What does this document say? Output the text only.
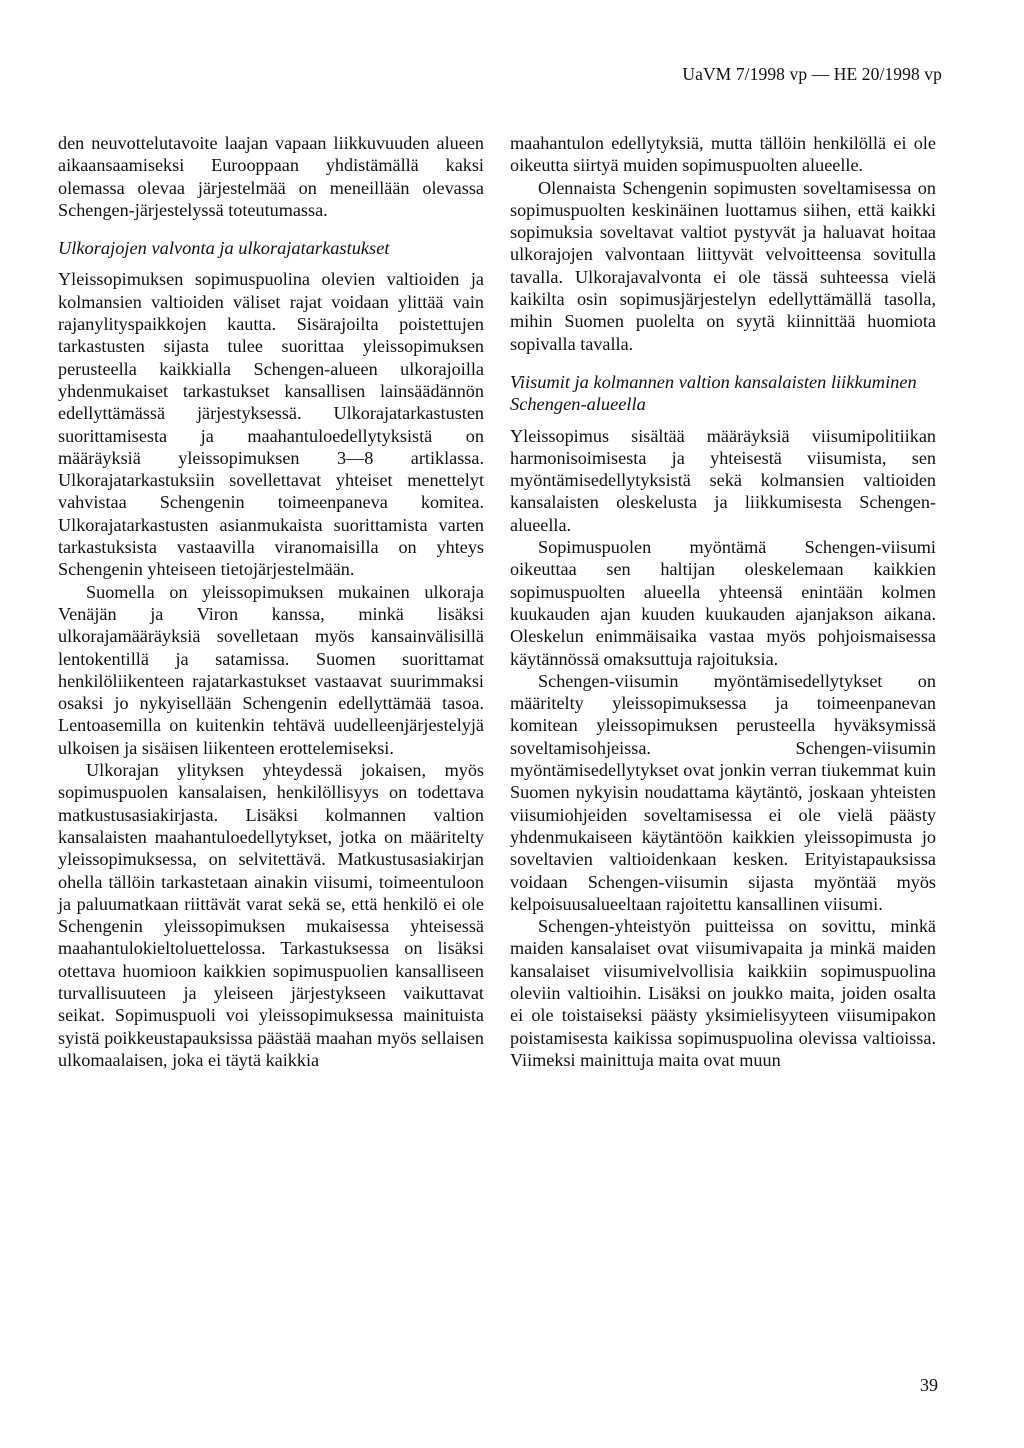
UaVM 7/1998 vp — HE 20/1998 vp

den neuvottelutavoite laajan vapaan liikkuvuuden alueen aikaansaamiseksi Eurooppaan yhdistämällä kaksi olemassa olevaa järjestelmää on meneillään olevassa Schengen-järjestelyssä toteutumassa.

Ulkorajojen valvonta ja ulkorajatarkastukset

Yleissopimuksen sopimuspuolina olevien valtioiden ja kolmansien valtioiden väliset rajat voidaan ylittää vain rajanylityspaikkojen kautta. Sisärajoilta poistettujen tarkastusten sijasta tulee suorittaa yleissopimuksen perusteella kaikkialla Schengen-alueen ulkorajoilla yhdenmukaiset tarkastukset kansallisen lainsäädännön edellyttämässä järjestyksessä. Ulkorajatarkastusten suorittamisesta ja maahantuloedellytyksistä on määräyksiä yleissopimuksen 3—8 artiklassa. Ulkorajatarkastuksiin sovellettavat yhteiset menettelyt vahvistaa Schengenin toimeenpaneva komitea. Ulkorajatarkastusten asianmukaista suorittamista varten tarkastuksista vastaavilla viranomaisilla on yhteys Schengenin yhteiseen tietojärjestelmään.

Suomella on yleissopimuksen mukainen ulkoraja Venäjän ja Viron kanssa, minkä lisäksi ulkorajamääräyksiä sovelletaan myös kansainvälisillä lentokentillä ja satamissa. Suomen suorittamat henkilöliikenteen rajatarkastukset vastaavat suurimmaksi osaksi jo nykyisellään Schengenin edellyttämää tasoa. Lentoasemilla on kuitenkin tehtävä uudelleenjärjestelyjä ulkoisen ja sisäisen liikenteen erottelemiseksi.

Ulkorajan ylityksen yhteydessä jokaisen, myös sopimuspuolen kansalaisen, henkilöllisyys on todettava matkustusasiakirjasta. Lisäksi kolmannen valtion kansalaisten maahantuloedellytykset, jotka on määritelty yleissopimuksessa, on selvitettävä. Matkustusasiakirjan ohella tällöin tarkastetaan ainakin viisumi, toimeentuloon ja paluumatkaan riittävät varat sekä se, että henkilö ei ole Schengenin yleissopimuksen mukaisessa yhteisessä maahantulokieltoluettelossa. Tarkastuksessa on lisäksi otettava huomioon kaikkien sopimuspuolien kansalliseen turvallisuuteen ja yleiseen järjestykseen vaikuttavat seikat. Sopimuspuoli voi yleissopimuksessa mainituista syistä poikkeustapauksissa päästää maahan myös sellaisen ulkomaalaisen, joka ei täytä kaikkia

maahantulon edellytyksiä, mutta tällöin henkilöllä ei ole oikeutta siirtyä muiden sopimuspuolten alueelle.

Olennaista Schengenin sopimusten soveltamisessa on sopimuspuolten keskinäinen luottamus siihen, että kaikki sopimuksia soveltavat valtiot pystyvät ja haluavat hoitaa ulkorajojen valvontaan liittyvät velvoitteensa sovitulla tavalla. Ulkorajavalvonta ei ole tässä suhteessa vielä kaikilta osin sopimusjärjestelyn edellyttämällä tasolla, mihin Suomen puolelta on syytä kiinnittää huomiota sopivalla tavalla.

Viisumit ja kolmannen valtion kansalaisten liikkuminen Schengen-alueella

Yleissopimus sisältää määräyksiä viisumipolitiikan harmonisoimisesta ja yhteisestä viisumista, sen myöntämisedellytyksistä sekä kolmansien valtioiden kansalaisten oleskelusta ja liikkumisesta Schengen-alueella.

Sopimuspuolen myöntämä Schengen-viisumi oikeuttaa sen haltijan oleskelemaan kaikkien sopimuspuolten alueella yhteensä enintään kolmen kuukauden ajan kuuden kuukauden ajanjakson aikana. Oleskelun enimmäisaika vastaa myös pohjoismaisessa käytännössä omaksuttuja rajoituksia.

Schengen-viisumin myöntämisedellytykset on määritelty yleissopimuksessa ja toimeenpanevan komitean yleissopimuksen perusteella hyväksymissä soveltamisohjeissa. Schengen-viisumin myöntämisedellytykset ovat jonkin verran tiukemmat kuin Suomen nykyisin noudattama käytäntö, joskaan yhteisten viisumiohjeiden soveltamisessa ei ole vielä päästy yhdenmukaiseen käytäntöön kaikkien yleissopimusta jo soveltavien valtioidenkaan kesken. Erityistapauksissa voidaan Schengen-viisumin sijasta myöntää myös kelpoisuusalueeltaan rajoitettu kansallinen viisumi.

Schengen-yhteistyön puitteissa on sovittu, minkä maiden kansalaiset ovat viisumivapaita ja minkä maiden kansalaiset viisumivelvollisia kaikkiin sopimuspuolina oleviin valtioihin. Lisäksi on joukko maita, joiden osalta ei ole toistaiseksi päästy yksimielisyyteen viisumipakon poistamisesta kaikissa sopimuspuolina olevissa valtioissa. Viimeksi mainittuja maita ovat muun

39
